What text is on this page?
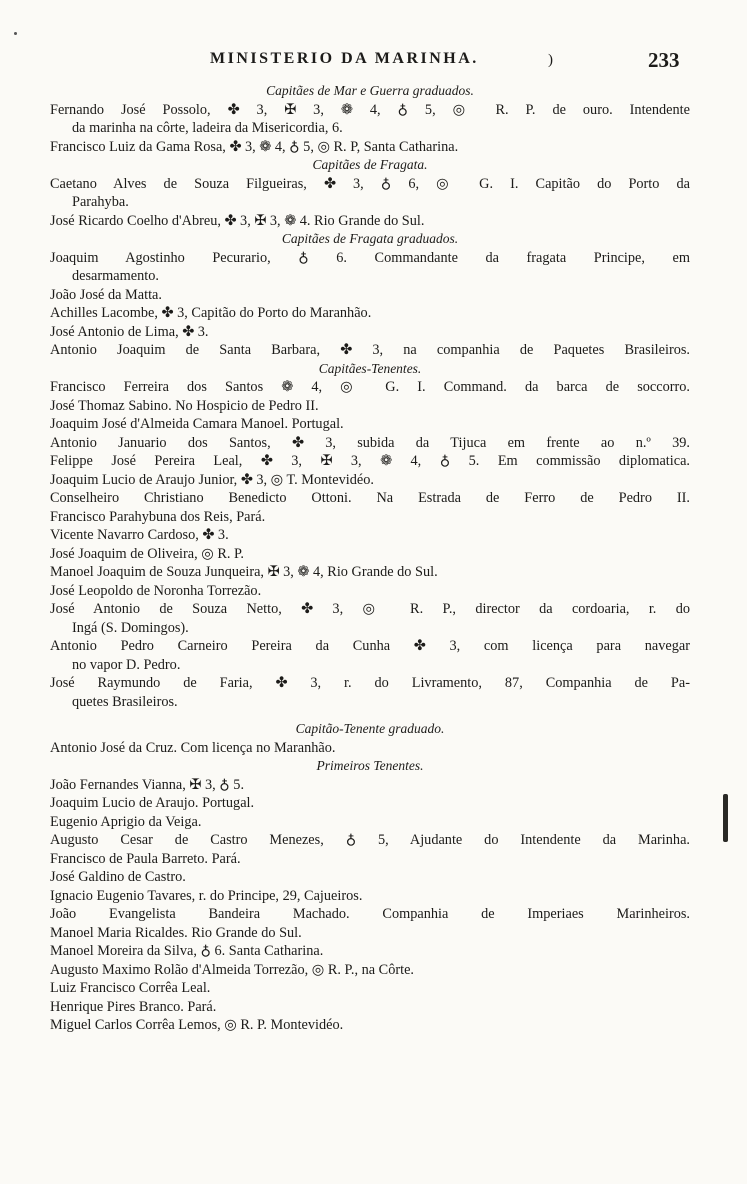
MINISTERIO DA MARINHA.	)	233
Capitães de Mar e Guerra graduados.
Fernando José Possolo, ✤ 3, ✠ 3, ❁ 4, ♁ 5, ◎ R. P. de ouro. Intendente
da marinha na côrte, ladeira da Misericordia, 6.
Francisco Luiz da Gama Rosa, ✤ 3, ❁ 4, ♁ 5, ◎ R. P, Santa Catharina.
Capitães de Fragata.
Caetano Alves de Souza Filgueiras, ✤ 3, ♁ 6, ◎ G. I. Capitão do Porto da
Parahyba.
José Ricardo Coelho d'Abreu, ✤ 3, ✠ 3, ❁ 4. Rio Grande do Sul.
Capitães de Fragata graduados.
Joaquim Agostinho Pecurario, ♁ 6. Commandante da fragata Principe, em
desarmamento.
João José da Matta.
Achilles Lacombe, ✤ 3, Capitão do Porto do Maranhão.
José Antonio de Lima, ✤ 3.
Antonio Joaquim de Santa Barbara, ✤ 3, na companhia de Paquetes Brasileiros.
Capitães-Tenentes.
Francisco Ferreira dos Santos ❁ 4, ◎ G. I. Command. da barca de soccorro.
José Thomaz Sabino. No Hospicio de Pedro II.
Joaquim José d'Almeida Camara Manoel. Portugal.
Antonio Januario dos Santos, ✤ 3, subida da Tijuca em frente ao n.º 39.
Felippe José Pereira Leal, ✤ 3, ✠ 3, ❁ 4, ♁ 5. Em commissão diplomatica.
Joaquim Lucio de Araujo Junior, ✤ 3, ◎ T. Montevidéo.
Conselheiro Christiano Benedicto Ottoni. Na Estrada de Ferro de Pedro II.
Francisco Parahybuna dos Reis, Pará.
Vicente Navarro Cardoso, ✤ 3.
José Joaquim de Oliveira, ◎ R. P.
Manoel Joaquim de Souza Junqueira, ✠ 3, ❁ 4, Rio Grande do Sul.
José Leopoldo de Noronha Torrezão.
José Antonio de Souza Netto, ✤ 3, ◎ R. P., director da cordoaria, r. do
Ingá (S. Domingos).
Antonio Pedro Carneiro Pereira da Cunha ✤ 3, com licença para navegar
no vapor D. Pedro.
José Raymundo de Faria, ✤ 3, r. do Livramento, 87, Companhia de Pa-
quetes Brasileiros.
Capitão-Tenente graduado.
Antonio José da Cruz. Com licença no Maranhão.
Primeiros Tenentes.
João Fernandes Vianna, ✠ 3, ♁ 5.
Joaquim Lucio de Araujo. Portugal.
Eugenio Aprigio da Veiga.
Augusto Cesar de Castro Menezes, ♁ 5, Ajudante do Intendente da Marinha.
Francisco de Paula Barreto. Pará.
José Galdino de Castro.
Ignacio Eugenio Tavares, r. do Principe, 29, Cajueiros.
João Evangelista Bandeira Machado. Companhia de Imperiaes Marinheiros.
Manoel Maria Ricaldes. Rio Grande do Sul.
Manoel Moreira da Silva, ♁ 6. Santa Catharina.
Augusto Maximo Rolão d'Almeida Torrezão, ◎ R. P., na Côrte.
Luiz Francisco Corrêa Leal.
Henrique Pires Branco. Pará.
Miguel Carlos Corrêa Lemos, ◎ R. P. Montevidéo.
